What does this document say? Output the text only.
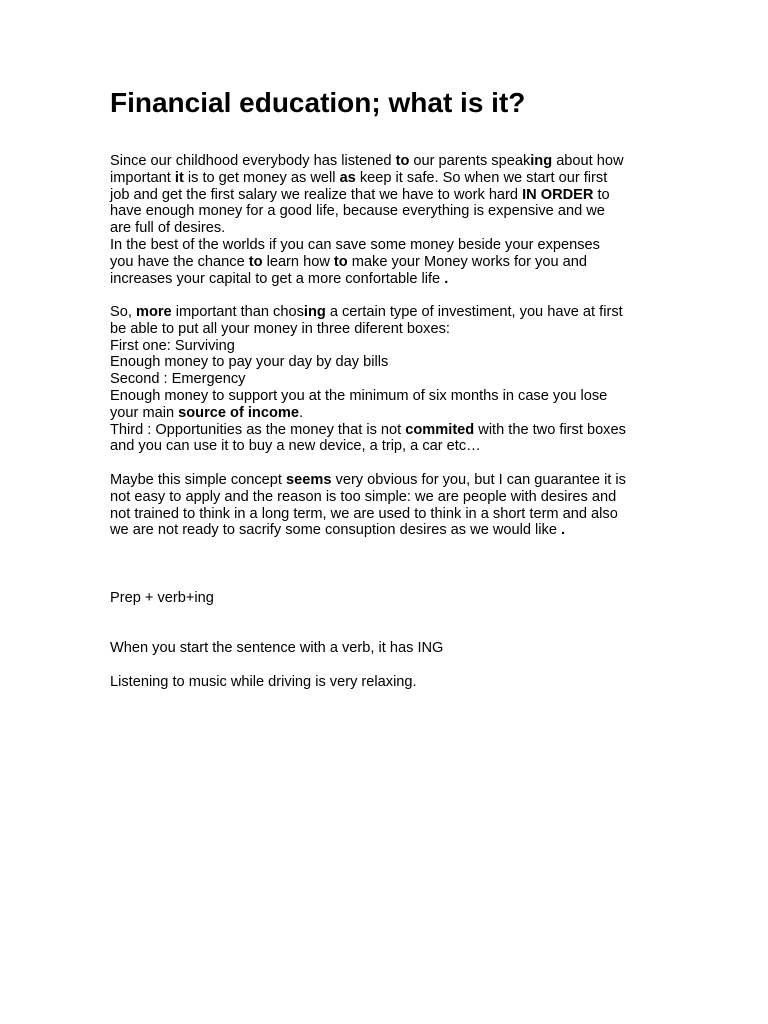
Financial education; what is it?

Since our childhood everybody has listened to our parents speaking about how
important it is to get money as well as keep it safe. So when we start our first
job and get the first salary we realize that we have to work hard IN ORDER to
have enough money for a good life, because everything is expensive and we
are full of desires.
In the best of the worlds if you can save some money beside your expenses
you have the chance to learn how to make your Money works for you and
increases your capital to get a more confortable life .

So, more important than chosing a certain type of investiment, you have at first
be able to put all your money in three diferent boxes:
First one: Surviving
Enough money to pay your day by day bills
Second : Emergency
Enough money to support you at the minimum of six months in case you lose
your main source of income.
Third : Opportunities as the money that is not commited with the two first boxes
and you can use it to buy a new device, a trip, a car etc…

Maybe this simple concept seems very obvious for you, but I can guarantee it is
not easy to apply and the reason is too simple: we are people with desires and
not trained to think in a long term, we are used to think in a short term and also
we are not ready to sacrify some consuption desires as we would like .

Prep + verb+ing

When you start the sentence with a verb, it has ING

Listening to music while driving is very relaxing.
